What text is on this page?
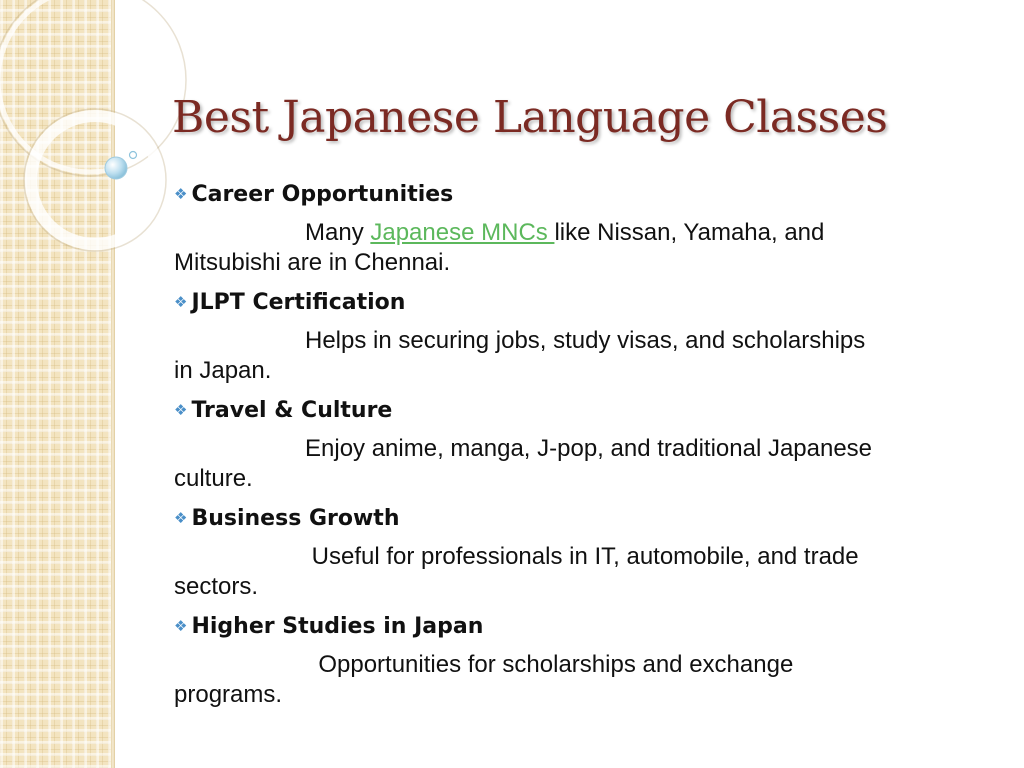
Best Japanese Language Classes
❖ Career Opportunities
Many Japanese MNCs like Nissan, Yamaha, and
Mitsubishi are in Chennai.
❖ JLPT Certification
Helps in securing jobs, study visas, and scholarships
in Japan.
❖ Travel & Culture
Enjoy anime, manga, J-pop, and traditional Japanese
culture.
❖ Business Growth
Useful for professionals in IT, automobile, and trade
sectors.
❖ Higher Studies in Japan
Opportunities for scholarships and exchange
programs.
